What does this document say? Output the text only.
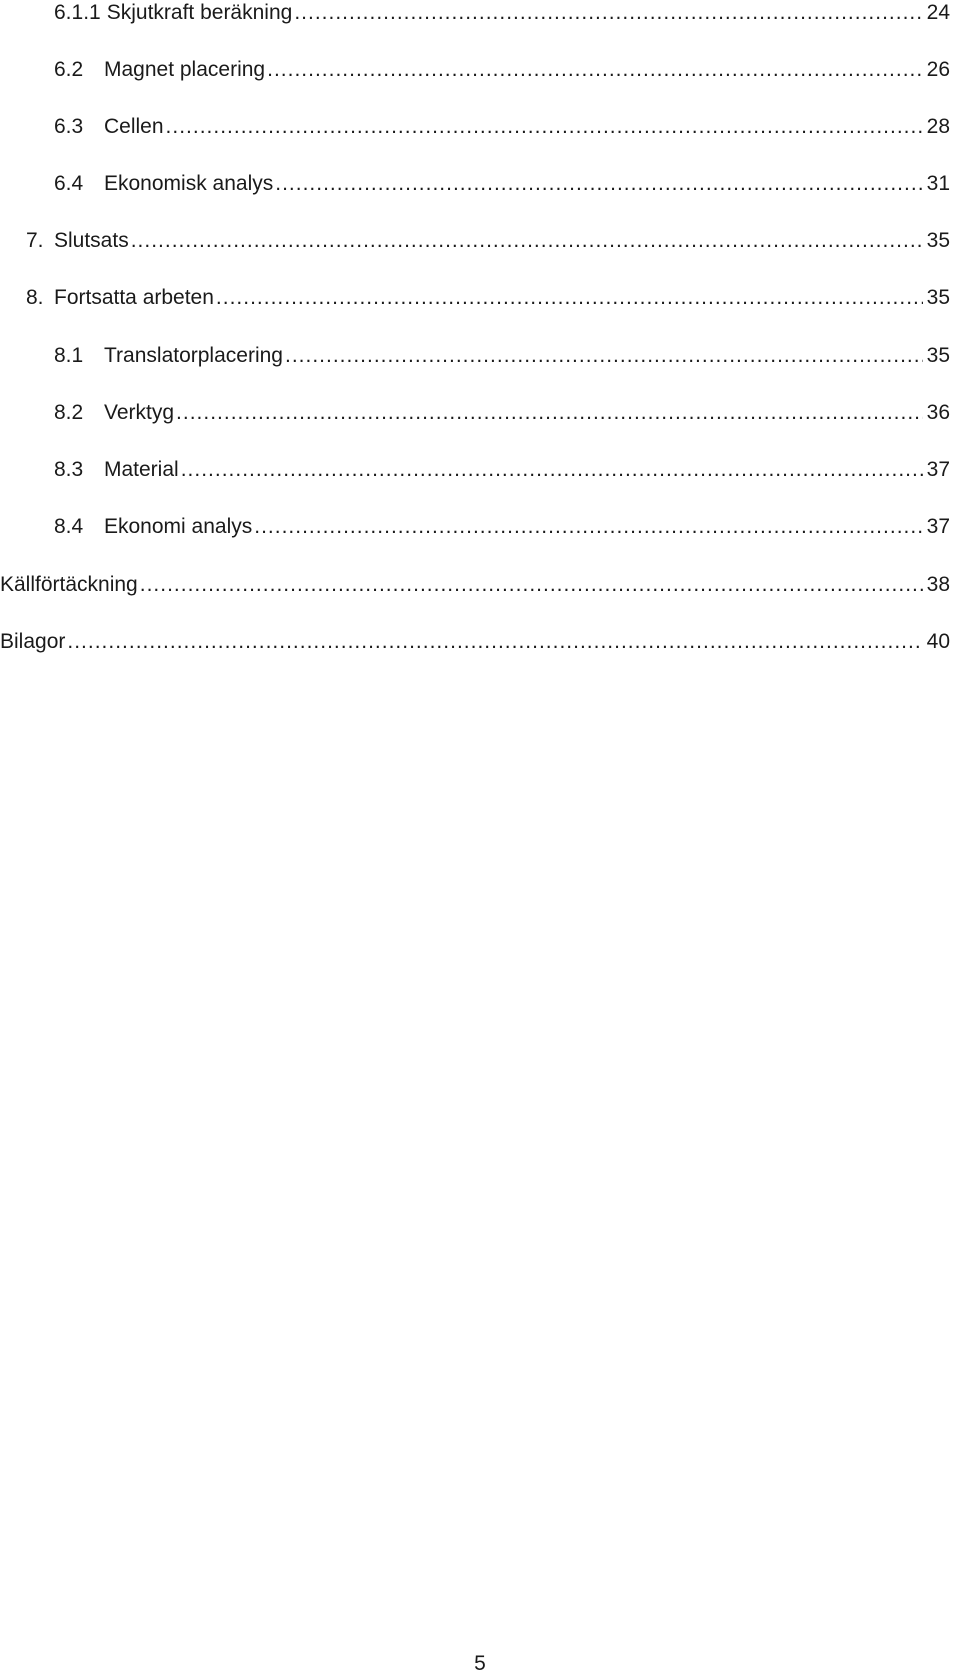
6.1.1 Skjutkraft beräkning .....	24
6.2 Magnet placering .....	26
6.3 Cellen .....	28
6.4 Ekonomisk analys .....	31
7. Slutsats .....	35
8. Fortsatta arbeten .....	35
8.1 Translatorplacering .....	35
8.2 Verktyg .....	36
8.3 Material .....	37
8.4 Ekonomi analys .....	37
Källförtäckning .....	38
Bilagor .....	40
5
